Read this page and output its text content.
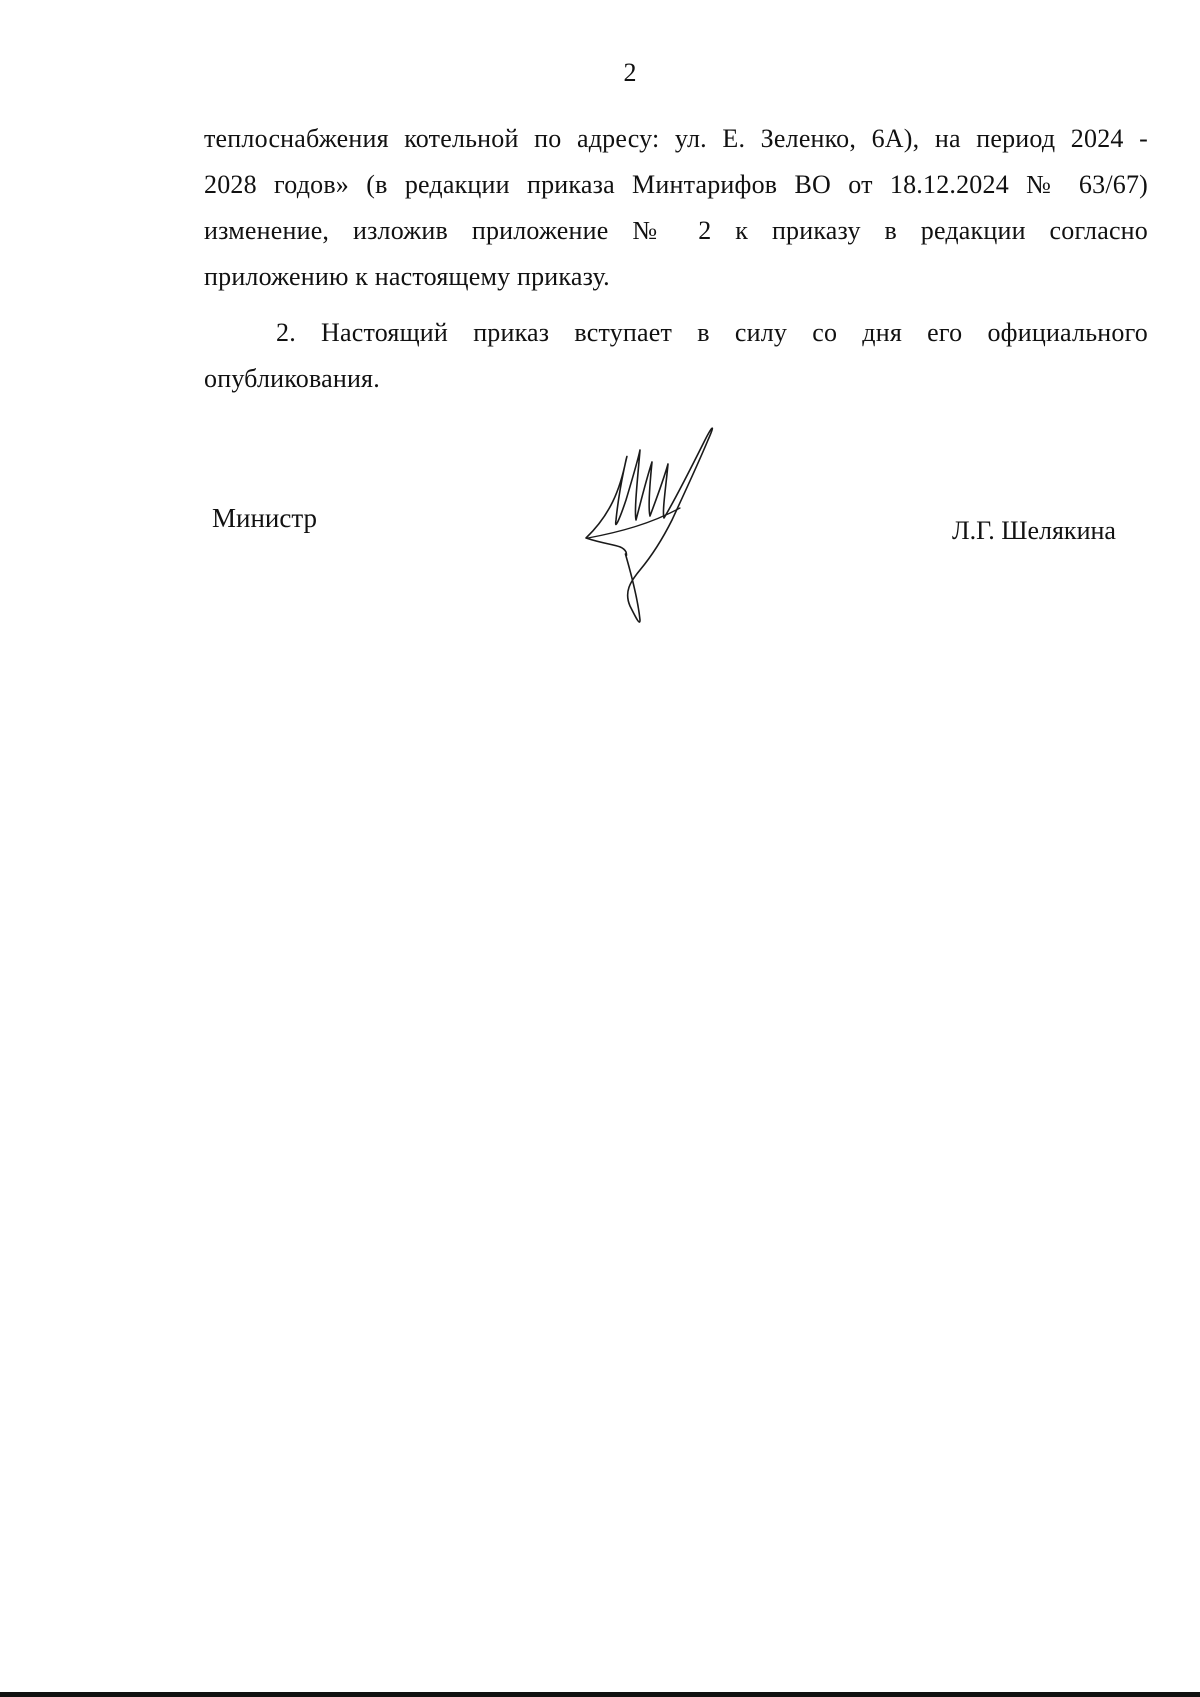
2
теплоснабжения котельной по адресу: ул. Е. Зеленко, 6А), на период 2024 -
2028 годов» (в редакции приказа Минтарифов ВО от 18.12.2024 № 63/67)
изменение, изложив приложение № 2 к приказу в редакции согласно
приложению к настоящему приказу.
2. Настоящий приказ вступает в силу со дня его официального
опубликования.
Министр	Л.Г. Шелякина
